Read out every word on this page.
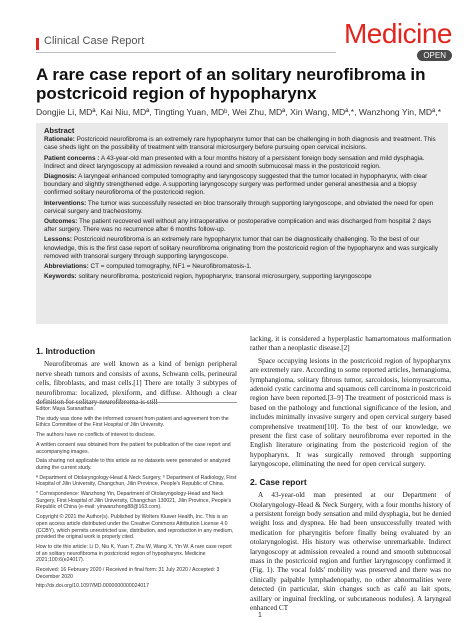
Clinical Case Report	Medicine
OPEN
A rare case report of an solitary neurofibroma in postcricoid region of hypopharynx
Dongjie Li, MDª, Kai Niu, MDª, Tingting Yuan, MDᵇ, Wei Zhu, MDª, Xin Wang, MDª,*, Wanzhong Yin, MDª,*
Abstract

Rationale: Postcricoid neurofibroma is an extremely rare hypopharynx tumor that can be challenging in both diagnosis and treatment. This case sheds light on the possibility of treatment with transoral microsurgery before pursuing open cervical incisions.

Patient concerns : A 43-year-old man presented with a four months history of a persistent foreign body sensation and mild dysphagia. Indirect and direct laryngoscopy at admission revealed a round and smooth submucosal mass in the postcricoid region.

Diagnosis: A laryngeal enhanced computed tomography and laryngoscopy suggested that the tumor located in hypopharynx, with clear boundary and slightly strengthened edge. A supporting laryngoscopy surgery was performed under general anesthesia and a biopsy confirmed solitary neurofibroma of the postcricoid region.

Interventions: The tumor was successfully resected en bloc transorally through supporting laryngoscope, and obviated the need for open cervical surgery and tracheostomy.

Outcomes: The patient recovered well without any intraoperative or postoperative complication and was discharged from hospital 2 days after surgery. There was no recurrence after 6 months follow-up.

Lessons: Postcricoid neurofibroma is an extremely rare hypopharynx tumor that can be diagnostically challenging. To the best of our knowledge, this is the first case report of solitary neurofibroma originating from the postcricoid region of the hypopharynx and was surgically removed with transoral surgery through supporting laryngoscope.

Abbreviations: CT = computed tomography, NF1 = Neurofibromatosis-1.

Keywords: solitary neurofibroma, postcricoid region, hypopharynx, transoral microsurgery, supporting laryngoscope

1. Introduction

Neurofibromas are well known as a kind of benign peripheral nerve sheath tumors and consists of axons, Schwann cells, perineural cells, fibroblasts, and mast cells.[1] There are totally 3 subtypes of neurofibroma: localized, plexiform, and diffuse. Although a clear definition for solitary neurofibroma is still

Editor: Maya Saranathan.

The study was done with the informed consent from patient and agreement from the Ethics Committee of the First Hospital of Jilin University.

The authors have no conflicts of interest to disclose.

A written consent was obtained from the patient for publication of the case report and accompanying images.

Data sharing not applicable to this article as no datasets were generated or analyzed during the current study.

ª Department of Otolaryngology-Head & Neck Surgery, ᵇ Department of Radiology, First Hospital of Jilin University, Changchun, Jilin Province, People's Republic of China.

* Correspondence: Wanzhong Yin, Department of Otolaryngology-Head and Neck Surgery, First Hospital of Jilin University, Changchun 130021, Jilin Province, People's Republic of China (e-mail: yinwanzhong88@163.com).

Copyright © 2021 the Author(s). Published by Wolters Kluwer Health, Inc. This is an open access article distributed under the Creative Commons Attribution License 4.0 (CCBY), which permits unrestricted use, distribution, and reproduction in any medium, provided the original work is properly cited.

How to cite this article: Li D, Niu K, Yuan T, Zhu W, Wang X, Yin W. A rare case report of an solitary neurofibroma in postcricoid region of hypopharynx. Medicine 2021;100:6(e24017).

Received: 16 February 2020 / Received in final form: 31 July 2020 / Accepted: 3 December 2020

http://dx.doi.org/10.1097/MD.0000000000024017

lacking, it is considered a hyperplastic hamartomatous malformation rather than a neoplastic disease.[2]

Space occupying lesions in the postcricoid region of hypopharynx are extremely rare. According to some reported articles, hemangioma, lymphangioma, solitary fibrous tumor, sarcoidosis, leiomyosarcoma, adenoid cystic carcinoma and squamous cell carcinoma in postcricoid region have been reported.[3–9] The treatment of postcricoid mass is based on the pathology and functional significance of the lesion, and includes minimally invasive surgery and open cervical surgery based comprehensive treatment[10]. To the best of our knowledge, we present the first case of solitary neurofibroma ever reported in the English literature originating from the postcricoid region of the hypopharynx. It was surgically removed through supporting laryngoscope, eliminating the need for open cervical surgery.

2. Case report

A 43-year-old man presented at our Department of Otolaryngology-Head & Neck Surgery, with a four months history of a persistent foreign body sensation and mild dysphagia, but he denied weight loss and dyspnea. He had been unsuccessfully treated with medication for pharyngitis before finally being evaluated by an otolaryngologist. His history was otherwise unremarkable. Indirect laryngoscopy at admission revealed a round and smooth submucosal mass in the postcricoid region and further laryngoscopy confirmed it (Fig. 1). The vocal folds' mobility was preserved and there was no clinically palpable lymphadenopathy, no other abnormalities were detected (in particular, skin changes such as café au lait spots, axillary or inguinal freckling, or subcutaneous nodules). A laryngeal enhanced CT

1
